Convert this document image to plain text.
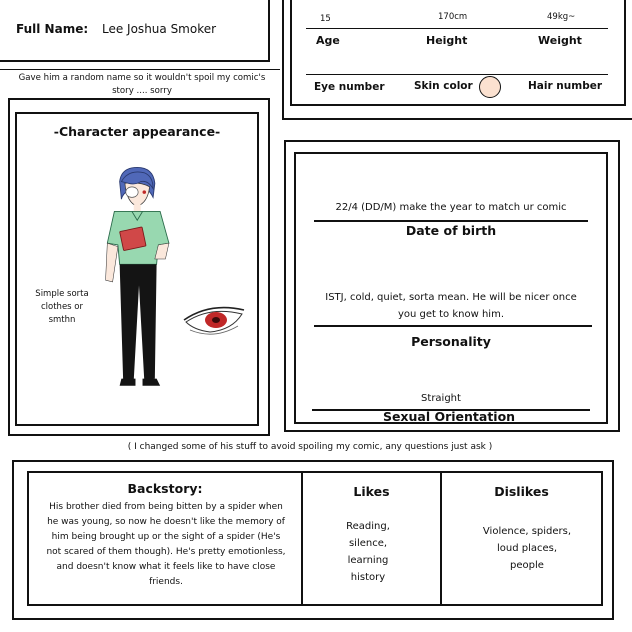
Full Name: Lee Joshua Smoker
Gave him a random name so it wouldn't spoil my comic's story .... sorry
15	170cm	49kg~
Age	Height	Weight
Eye number	Skin color	Hair number
-Character appearance-
Simple sorta clothes or smthn
22/4 (DD/M) make the year to match ur comic
Date of birth
ISTJ, cold, quiet, sorta mean. He will be nicer once you get to know him.
Personality
Straight
Sexual Orientation
( I changed some of his stuff to avoid spoiling my comic, any questions just ask )
Backstory:
His brother died from being bitten by a spider when he was young, so now he doesn't like the memory of him being brought up or the sight of a spider (He's not scared of them though). He's pretty emotionless, and doesn't know what it feels like to have close friends.
Likes
Reading, silence, learning history
Dislikes
Violence, spiders, loud places, people
